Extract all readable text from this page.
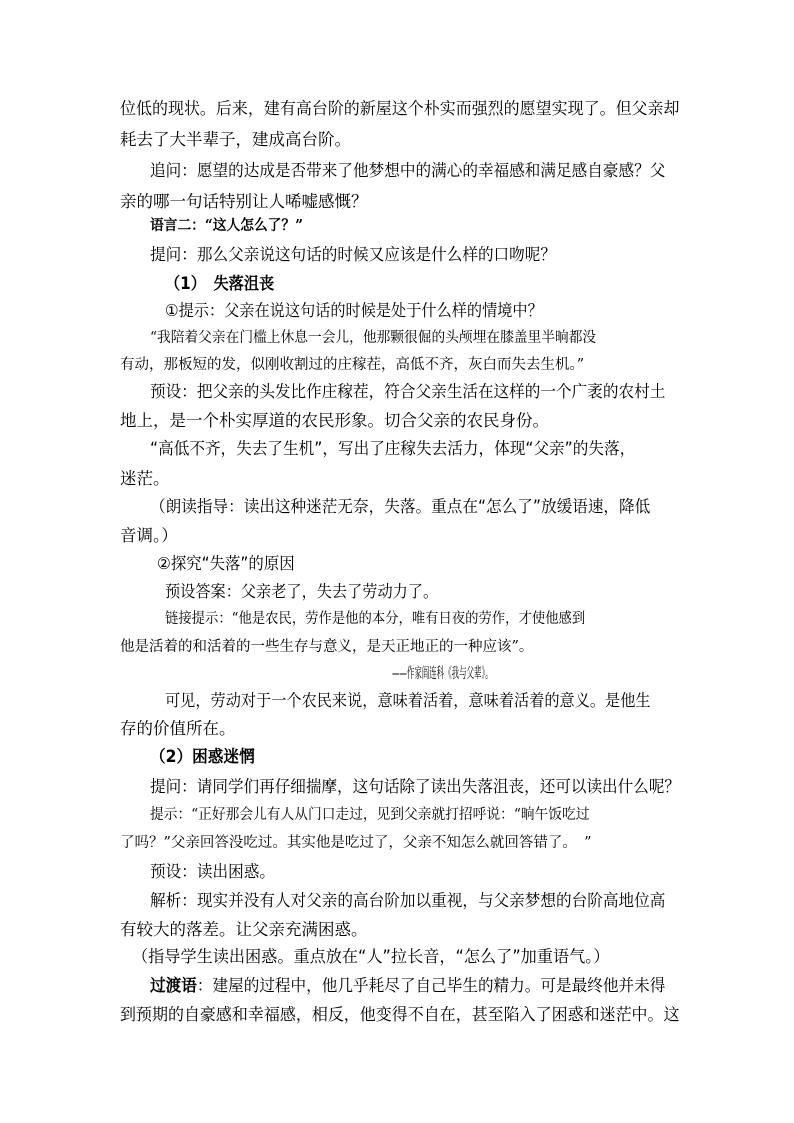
位低的现状。后来，建有高台阶的新屋这个朴实而强烈的愿望实现了。但父亲却
耗去了大半辈子，建成高台阶。
追问：愿望的达成是否带来了他梦想中的满心的幸福感和满足感自豪感？父
亲的哪一句话特别让人唏嘘感慨？
语言二：“这人怎么了？”
提问：那么父亲说这句话的时候又应该是什么样的口吻呢？
（1）　失落沮丧
①提示：父亲在说这句话的时候是处于什么样的情境中？
“我陪着父亲在门槛上休息一会儿，他那颗很倔的头颅埋在膝盖里半晌都没
有动，那板短的发，似刚收割过的庄稼茬，高低不齐，灰白而失去生机。”
预设：把父亲的头发比作庄稼茬，符合父亲生活在这样的一个广袤的农村土
地上，是一个朴实厚道的农民形象。切合父亲的农民身份。
“高低不齐，失去了生机”，写出了庄稼失去活力，体现“父亲”的失落，
迷茫。
（朗读指导：读出这种迷茫无奈，失落。重点在“怎么了”放缓语速，降低
音调。）
②探究“失落”的原因
预设答案：父亲老了，失去了劳动力了。
链接提示：“他是农民，劳作是他的本分，唯有日夜的劳作，才使他感到
他是活着的和活着的一些生存与意义，是天正地正的一种应该”。
——作家阎连科《我与父辈》。
可见，劳动对于一个农民来说，意味着活着，意味着活着的意义。是他生
存的价值所在。
（2）困惑迷惘
提问：请同学们再仔细揣摩，这句话除了读出失落沮丧，还可以读出什么呢？
提示：“正好那会儿有人从门口走过，见到父亲就打招呼说：“晌午饭吃过
了吗？”父亲回答没吃过。其实他是吃过了，父亲不知怎么就回答错了。　”
预设：读出困惑。
解析：现实并没有人对父亲的高台阶加以重视，与父亲梦想的台阶高地位高
有较大的落差。让父亲充满困惑。
（指导学生读出困惑。重点放在“人”拉长音，“怎么了”加重语气。）
过渡语：建屋的过程中，他几乎耗尽了自己毕生的精力。可是最终他并未得
到预期的自豪感和幸福感，相反，他变得不自在，甚至陷入了困惑和迷茫中。这
